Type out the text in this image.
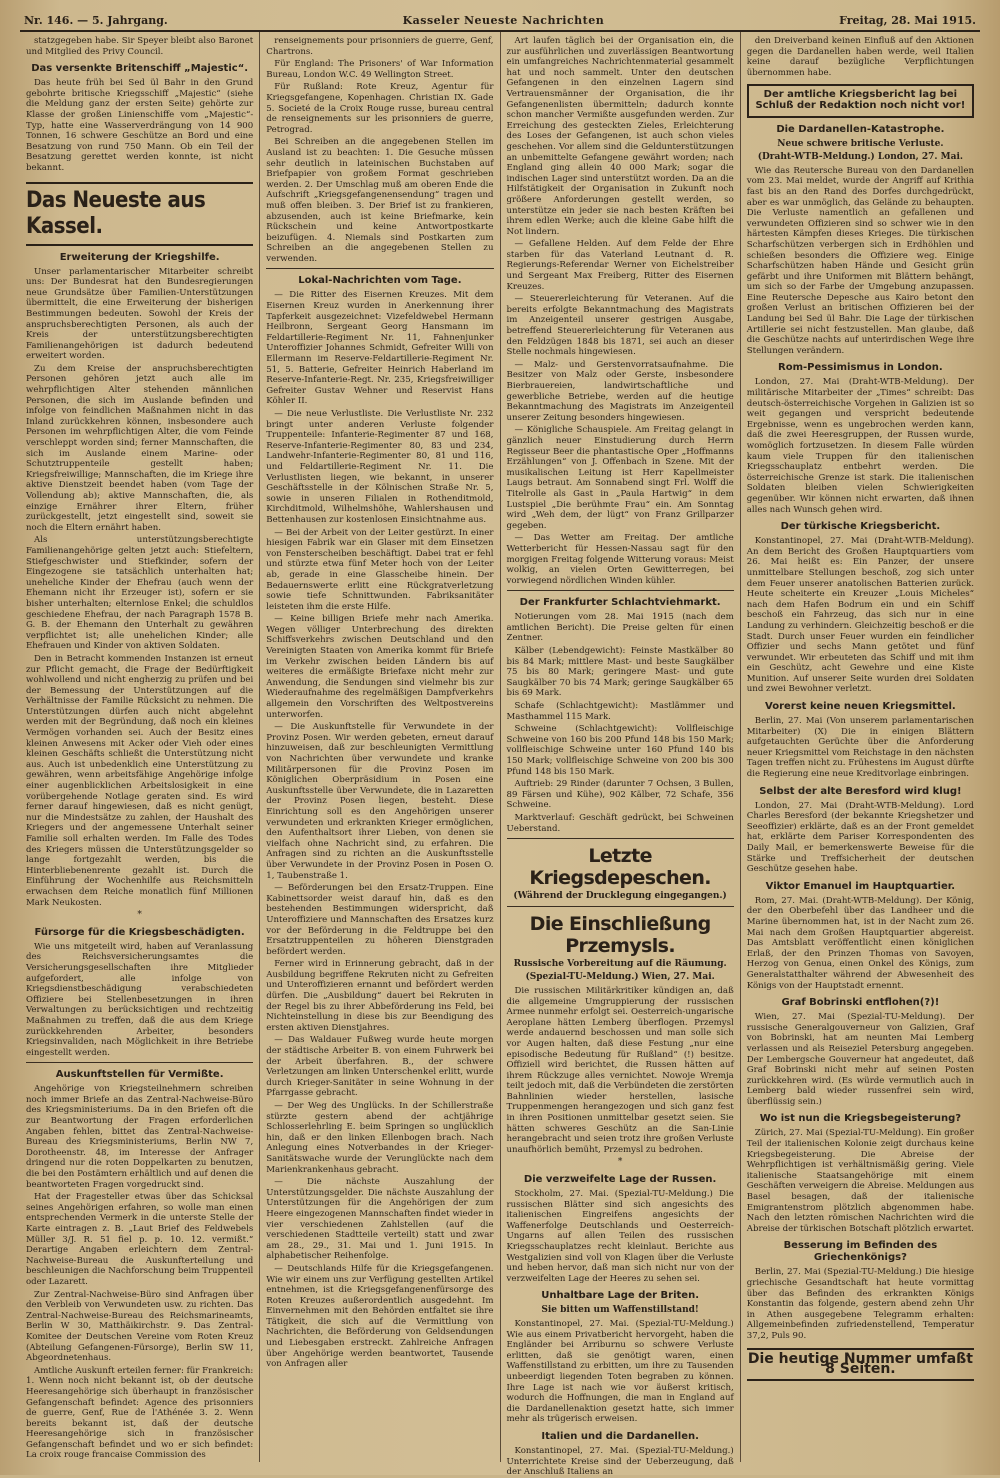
Nr. 146. — 5. Jahrgang.	Kasseler Neueste Nachrichten	Freitag, 28. Mai 1915.

statzgegeben habe. Sir Speyer bleibt also Baronet und Mitglied des Privy Council.

Das versenkte Britenschiff „Majestic“.

Das heute früh bei Sed ül Bahr in den Grund gebohrte britische Kriegsschiff „Majestic“ (siehe die Meldung ganz der ersten Seite) gehörte zur Klasse der großen Linienschiffe vom „Majestic“-Typ, hatte eine Wasserverdrängung von 14 900 Tonnen, 16 schwere Geschütze an Bord und eine Besatzung von rund 750 Mann. Ob ein Teil der Besatzung gerettet werden konnte, ist nicht bekannt.

Das Neueste aus Kassel.
Erweiterung der Kriegshilfe.

Unser parlamentarischer Mitarbeiter schreibt uns: Der Bundesrat hat den Bundesregierungen neue Grundsätze über Familien-Unterstützungen übermittelt, die eine Erweiterung der bisherigen Bestimmungen bedeuten. Sowohl der Kreis der anspruchsberechtigten Personen, als auch der Kreis der unterstützungsberechtigten Familienangehörigen ist dadurch bedeutend erweitert worden.

Zu dem Kreise der anspruchsberechtigten Personen gehören jetzt auch alle im wehrpflichtigen Alter stehenden männlichen Personen, die sich im Auslande befinden und infolge von feindlichen Maßnahmen nicht in das Inland zurückkehren können, insbesondere auch Personen im wehrpflichtigen Alter, die vom Feinde verschleppt worden sind; ferner Mannschaften, die sich im Auslande einem Marine- oder Schutztruppenteile gestellt haben; Kriegsfreiwillige; Mannschaften, die im Kriege ihre aktive Dienstzeit beendet haben (vom Tage der Vollendung ab); aktive Mannschaften, die, als einzige Ernährer ihrer Eltern, früher zurückgestellt, jetzt eingestellt sind, soweit sie noch die Eltern ernährt haben.

Als unterstützungsberechtigte Familienangehörige gelten jetzt auch: Stiefeltern, Stiefgeschwister und Stiefkinder, sofern der Eingezogene sie tatsächlich unterhalten hat; uneheliche Kinder der Ehefrau (auch wenn der Ehemann nicht ihr Erzeuger ist), sofern er sie bisher unterhalten; elternlose Enkel; die schuldlos geschiedene Ehefrau, der nach Paragraph 1578 B. G. B. der Ehemann den Unterhalt zu gewähren verpflichtet ist; alle unehelichen Kinder; alle Ehefrauen und Kinder von aktiven Soldaten.

Den in Betracht kommenden Instanzen ist erneut zur Pflicht gemacht, die Frage der Bedürftigkeit wohlwollend und nicht engherzig zu prüfen und bei der Bemessung der Unterstützungen auf die Verhältnisse der Familie Rücksicht zu nehmen. Die Unterstützungen dürfen auch nicht abgelehnt werden mit der Begründung, daß noch ein kleines Vermögen vorhanden sei. Auch der Besitz eines kleinen Anwesens mit Acker oder Vieh oder eines kleinen Geschäfts schließt die Unterstützung nicht aus. Auch ist unbedenklich eine Unterstützung zu gewähren, wenn arbeitsfähige Angehörige infolge einer augenblicklichen Arbeitslosigkeit in eine vorübergehende Notlage geraten sind. Es wird ferner darauf hingewiesen, daß es nicht genügt, nur die Mindestsätze zu zahlen, der Haushalt des Kriegers und der angemessene Unterhalt seiner Familie soll erhalten werden. Im Falle des Todes des Kriegers müssen die Unterstützungsgelder so lange fortgezahlt werden, bis die Hinterbliebenenrente gezahlt ist. Durch die Einführung der Wochenhilfe aus Reichsmitteln erwachsen dem Reiche monatlich fünf Millionen Mark Neukosten.

*
Fürsorge für die Kriegsbeschädigten.

Wie uns mitgeteilt wird, haben auf Veranlassung des Reichsversicherungsamtes die Versicherungsgesellschaften ihre Mitglieder aufgefordert, alle infolge von Kriegsdienstbeschädigung verabschiedeten Offiziere bei Stellenbesetzungen in ihren Verwaltungen zu berücksichtigen und rechtzeitig Maßnahmen zu treffen, daß die aus dem Kriege zurückkehrenden Arbeiter, besonders Kriegsinvaliden, nach Möglichkeit in ihre Betriebe eingestellt werden.

Auskunftstellen für Vermißte.

Angehörige von Kriegsteilnehmern schreiben noch immer Briefe an das Zentral-Nachweise-Büro des Kriegsministeriums. Da in den Briefen oft die zur Beantwortung der Fragen erforderlichen Angaben fehlen, bittet das Zentral-Nachweise-Bureau des Kriegsministeriums, Berlin NW 7, Dorotheenstr. 48, im Interesse der Anfrager dringend nur die roten Doppelkarten zu benutzen, die bei den Postämtern erhältlich und auf denen die beantworteten Fragen vorgedruckt sind.

Hat der Fragesteller etwas über das Schicksal seines Angehörigen erfahren, so wolle man einen entsprechenden Vermerk in die unterste Stelle der Karte eintragen z. B. „Laut Brief des Feldwebels Müller 3/J. R. 51 fiel p. p. 10. 12. vermißt.“ Derartige Angaben erleichtern dem Zentral-Nachweise-Bureau die Auskunfterteilung und beschleunigen die Nachforschung beim Truppenteil oder Lazarett.

Zur Zentral-Nachweise-Büro sind Anfragen über den Verbleib von Verwundeten usw. zu richten. Das Zentral-Nachweise-Bureau des Reichsmarineamts, Berlin W 30, Matthäikirchstr. 9. Das Zentral-Komitee der Deutschen Vereine vom Roten Kreuz (Abteilung Gefangenen-Fürsorge), Berlin SW 11, Abgeordnetenhaus.

Amtliche Auskunft erteilen ferner: für Frankreich: 1. Wenn noch nicht bekannt ist, ob der deutsche Heeresangehörige sich überhaupt in französischer Gefangenschaft befindet: Agence des prisonniers de guerre, Genf, Rue de l'Athénée 3. 2. Wenn bereits bekannt ist, daß der deutsche Heeresangehörige sich in französischer Gefangenschaft befindet und wo er sich befindet: La croix rouge francaise Commission des

renseignements pour prisonniers de guerre, Genf, Chartrons.

Für England: The Prisoners' of War Information Bureau, London W.C. 49 Wellington Street.

Für Rußland: Rote Kreuz, Agentur für Kriegsgefangene, Kopenhagen. Christian IX. Gade 5. Societé de la Croix Rouge russe, bureau central de renseignements sur les prisonniers de guerre, Petrograd.

Bei Schreiben an die angegebenen Stellen im Ausland ist zu beachten: 1. Die Gesuche müssen sehr deutlich in lateinischen Buchstaben auf Briefpapier von großem Format geschrieben werden. 2. Der Umschlag muß am oberen Ende die Aufschrift „Kriegsgefangenensendung“ tragen und muß offen bleiben. 3. Der Brief ist zu frankieren, abzusenden, auch ist keine Briefmarke, kein Rückschein und keine Antwortpostkarte beizufügen. 4. Niemals sind Postkarten zum Schreiben an die angegebenen Stellen zu verwenden.

Lokal-Nachrichten vom Tage.

— Die Ritter des Eisernen Kreuzes. Mit dem Eisernen Kreuz wurden in Anerkennung ihrer Tapferkeit ausgezeichnet: Vizefeldwebel Hermann Heilbronn, Sergeant Georg Hansmann im Feldartillerie-Regiment Nr. 11, Fahnenjunker Unteroffizier Johannes Schmidt, Gefreiter Willi von Ellermann im Reserve-Feldartillerie-Regiment Nr. 51, 5. Batterie, Gefreiter Heinrich Haberland im Reserve-Infanterie-Regt. Nr. 235, Kriegsfreiwilliger Gefreiter Gustav Wehner und Reservist Hans Köhler II.

— Die neue Verlustliste. Die Verlustliste Nr. 232 bringt unter anderen Verluste folgender Truppenteile: Infanterie-Regimenter 87 und 168, Reserve-Infanterie-Regimenter 80, 83 und 234, Landwehr-Infanterie-Regimenter 80, 81 und 116, und Feldartillerie-Regiment Nr. 11. Die Verlustlisten liegen, wie bekannt, in unserer Geschäftsstelle in der Kölnischen Straße Nr. 5, sowie in unseren Filialen in Rothenditmold, Kirchditmold, Wilhelmshöhe, Wahlershausen und Bettenhausen zur kostenlosen Einsichtnahme aus.

— Bei der Arbeit von der Leiter gestürzt. In einer hiesigen Fabrik war ein Glaser mit dem Einsetzen von Fensterscheiben beschäftigt. Dabei trat er fehl und stürzte etwa fünf Meter hoch von der Leiter ab, gerade in eine Glasscheibe hinein. Der Bedauernswerte erlitt eine Rückgratverletzung sowie tiefe Schnittwunden. Fabriksanitäter leisteten ihm die erste Hilfe.

— Keine billigen Briefe mehr nach Amerika. Wegen völliger Unterbrechung des direkten Schiffsverkehrs zwischen Deutschland und den Vereinigten Staaten von Amerika kommt für Briefe im Verkehr zwischen beiden Ländern bis auf weiteres die ermäßigte Briefaxe nicht mehr zur Anwendung, die Sendungen sind vielmehr bis zur Wiederaufnahme des regelmäßigen Dampfverkehrs allgemein den Vorschriften des Weltpostvereins unterworfen.

— Die Auskunftstelle für Verwundete in der Provinz Posen. Wir werden gebeten, erneut darauf hinzuweisen, daß zur beschleunigten Vermittlung von Nachrichten über verwundete und kranke Militärpersonen für die Provinz Posen im Königlichen Oberpräsidium in Posen eine Auskunftsstelle über Verwundete, die in Lazaretten der Provinz Posen liegen, besteht. Diese Einrichtung soll es den Angehörigen unserer verwundeten und erkrankten Krieger ermöglichen, den Aufenthaltsort ihrer Lieben, von denen sie vielfach ohne Nachricht sind, zu erfahren. Die Anfragen sind zu richten an die Auskunftsstelle über Verwundete in der Provinz Posen in Posen O. 1, Taubenstraße 1.

— Beförderungen bei den Ersatz-Truppen. Eine Kabinettsorder weist darauf hin, daß es den bestehenden Bestimmungen widerspricht, daß Unteroffiziere und Mannschaften des Ersatzes kurz vor der Beförderung in die Feldtruppe bei den Ersatztruppenteilen zu höheren Dienstgraden befördert werden.

Ferner wird in Erinnerung gebracht, daß in der Ausbildung begriffene Rekruten nicht zu Gefreiten und Unteroffizieren ernannt und befördert werden dürfen. Die „Ausbildung“ dauert bei Rekruten in der Regel bis zu ihrer Abbeförderung ins Feld, bei Nichteinstellung in diese bis zur Beendigung des ersten aktiven Dienstjahres.

— Das Waldauer Fußweg wurde heute morgen der städtische Arbeiter B. von einem Fuhrwerk bei der Arbeit überfahren. B., der schwere Verletzungen am linken Unterschenkel erlitt, wurde durch Krieger-Sanitäter in seine Wohnung in der Pfarrgasse gebracht.

— Der Weg des Unglücks. In der Schillerstraße stürzte gestern abend der achtjährige Schlosserlehrling E. beim Springen so unglücklich hin, daß er den linken Ellenbogen brach. Nach Anlegung eines Notverbandes in der Krieger-Sanitätswache wurde der Verunglückte nach dem Marienkrankenhaus gebracht.

— Die nächste Auszahlung der Unterstützungsgelder. Die nächste Auszahlung der Unterstützungen für die Angehörigen der zum Heere eingezogenen Mannschaften findet wieder in vier verschiedenen Zahlstellen (auf die verschiedenen Stadtteile verteilt) statt und zwar am 28., 29., 31. Mai und 1. Juni 1915. In alphabetischer Reihenfolge.

— Deutschlands Hilfe für die Kriegsgefangenen. Wie wir einem uns zur Verfügung gestellten Artikel entnehmen, ist die Kriegsgefangenenfürsorge des Roten Kreuzes außerordentlich ausgedehnt. Im Einvernehmen mit den Behörden entfaltet sie ihre Tätigkeit, die sich auf die Vermittlung von Nachrichten, die Beförderung von Geldsendungen und Liebesgaben erstreckt. Zahlreiche Anfragen über Angehörige werden beantwortet, Tausende von Anfragen aller

Art laufen täglich bei der Organisation ein, die zur ausführlichen und zuverlässigen Beantwortung ein umfangreiches Nachrichtenmaterial gesammelt hat und noch sammelt. Unter den deutschen Gefangenen in den einzelnen Lagern sind Vertrauensmänner der Organisation, die ihr Gefangenenlisten übermitteln; dadurch konnte schon mancher Vermißte ausgefunden werden. Zur Erreichung des gesteckten Zieles, Erleichterung des Loses der Gefangenen, ist auch schon vieles geschehen. Vor allem sind die Geldunterstützungen an unbemittelte Gefangene gewährt worden; nach England ging allein 40 000 Mark; sogar die indischen Lager sind unterstützt worden. Da an die Hilfstätigkeit der Organisation in Zukunft noch größere Anforderungen gestellt werden, so unterstütze ein jeder sie nach besten Kräften bei ihrem edlen Werke; auch die kleine Gabe hilft die Not lindern.

— Gefallene Helden. Auf dem Felde der Ehre starben für das Vaterland Leutnant d. R. Regierungs-Referendar Werner von Eichelstreiber und Sergeant Max Freiberg, Ritter des Eisernen Kreuzes.

— Steuererleichterung für Veteranen. Auf die bereits erfolgte Bekanntmachung des Magistrats im Anzeigenteil unserer gestrigen Ausgabe, betreffend Steuererleichterung für Veteranen aus den Feldzügen 1848 bis 1871, sei auch an dieser Stelle nochmals hingewiesen.

— Malz- und Gerstenvorratsaufnahme. Die Besitzer von Malz oder Gerste, insbesondere Bierbrauereien, landwirtschaftliche und gewerbliche Betriebe, werden auf die heutige Bekanntmachung des Magistrats im Anzeigenteil unserer Zeitung besonders hingewiesen.

— Königliche Schauspiele. Am Freitag gelangt in gänzlich neuer Einstudierung durch Herrn Regisseur Beer die phantastische Oper „Hoffmanns Erzählungen“ von J. Offenbach in Szene. Mit der musikalischen Leitung ist Herr Kapellmeister Laugs betraut. Am Sonnabend singt Frl. Wolff die Titelrolle als Gast in „Paula Hartwig“ in dem Lustspiel „Die berühmte Frau“ ein. Am Sonntag wird „Weh dem, der lügt“ von Franz Grillparzer gegeben.

— Das Wetter am Freitag. Der amtliche Wetterbericht für Hessen-Nassau sagt für den morgigen Freitag folgende Witterung voraus: Meist wolkig, an vielen Orten Gewitterregen, bei vorwiegend nördlichen Winden kühler.

Der Frankfurter Schlachtviehmarkt.

Notierungen vom 28. Mai 1915 (nach dem amtlichen Bericht). Die Preise gelten für einen Zentner.

Kälber (Lebendgewicht): Feinste Mastkälber 80 bis 84 Mark; mittlere Mast- und beste Saugkälber 75 bis 80 Mark; geringere Mast- und gute Saugkälber 70 bis 74 Mark; geringe Saugkälber 65 bis 69 Mark.

Schafe (Schlachtgewicht): Mastlämmer und Masthammel 115 Mark.

Schweine (Schlachtgewicht): Vollfleischige Schweine von 160 bis 200 Pfund 148 bis 150 Mark; vollfleischige Schweine unter 160 Pfund 140 bis 150 Mark; vollfleischige Schweine von 200 bis 300 Pfund 148 bis 150 Mark.

Auftrieb: 29 Rinder (darunter 7 Ochsen, 3 Bullen, 89 Färsen und Kühe), 902 Kälber, 72 Schafe, 356 Schweine.

Marktverlauf: Geschäft gedrückt, bei Schweinen Ueberstand.

Letzte Kriegsdepeschen.
(Während der Drucklegung eingegangen.)
Die Einschließung Przemysls.
Russische Vorbereitung auf die Räumung.
(Spezial-TU-Meldung.) Wien, 27. Mai.

Die russischen Militärkritiker kündigen an, daß die allgemeine Umgruppierung der russischen Armee nunmehr erfolgt sei. Oesterreich-ungarische Aeroplane hätten Lemberg überflogen. Przemysl werde andauernd beschossen und man solle sich vor Augen halten, daß diese Festung „nur eine episodische Bedeutung für Rußland“ (!) besitze. Offiziell wird berichtet, die Russen hätten auf ihrem Rückzuge alles vernichtet. Nowoje Wremja teilt jedoch mit, daß die Verbündeten die zerstörten Bahnlinien wieder herstellen, lasische Truppenmengen herangezogen und sich ganz fest in ihren Positionen unmittelbar gesetzt seien. Sie hätten schweres Geschütz an die San-Linie herangebracht und seien trotz ihre großen Verluste unaufhörlich bemüht, Przemysl zu bedrohen.

*
Die verzweifelte Lage der Russen.

Stockholm, 27. Mai. (Spezial-TU-Meldung.) Die russischen Blätter sind sich angesichts des italienischen Eingreifens angesichts der Waffenerfolge Deutschlands und Oesterreich-Ungarns auf allen Teilen des russischen Kriegsschauplatzes recht kleinlaut. Berichte aus Westgalizien sind voll von Klagen über die Verluste und heben hervor, daß man sich nicht nur von der verzweifelten Lage der Heeres zu sehen sei.

Unhaltbare Lage der Briten.
Sie bitten um Waffenstillstand!

Konstantinopel, 27. Mai. (Spezial-TU-Meldung.) Wie aus einem Privatbericht hervorgeht, haben die Engländer bei Arriburnu so schwere Verluste erlitten, daß sie genötigt waren, einen Waffenstillstand zu erbitten, um ihre zu Tausenden unbeerdigt liegenden Toten begraben zu können. Ihre Lage ist nach wie vor äußerst kritisch, wodurch die Hoffnungen, die man in England auf die Dardanellenaktion gesetzt hatte, sich immer mehr als trügerisch erweisen.

Italien und die Dardanellen.

Konstantinopel, 27. Mai. (Spezial-TU-Meldung.) Unterrichtete Kreise sind der Ueberzeugung, daß der Anschluß Italiens an

den Dreiverband keinen Einfluß auf den Aktionen gegen die Dardanellen haben werde, weil Italien keine darauf bezügliche Verpflichtungen übernommen habe.

Der amtliche Kriegsbericht lag bei Schluß der Redaktion noch nicht vor!
Die Dardanellen-Katastrophe.
Neue schwere britische Verluste.
(Draht-WTB-Meldung.) London, 27. Mai.

Wie das Reutersche Bureau von den Dardanellen vom 23. Mai meldet, wurde der Angriff auf Krithia fast bis an den Rand des Dorfes durchgedrückt, aber es war unmöglich, das Gelände zu behaupten. Die Verluste namentlich an gefallenen und verwundeten Offizieren sind so schwer wie in den härtesten Kämpfen dieses Krieges. Die türkischen Scharfschützen verbergen sich in Erdhöhlen und schießen besonders die Offiziere weg. Einige Scharfschützen haben Hände und Gesicht grün gefärbt und ihre Uniformen mit Blättern behängt, um sich so der Farbe der Umgebung anzupassen. Eine Reutersche Depesche aus Kairo betont den großen Verlust an britischen Offizieren bei der Landung bei Sed ül Bahr. Die Lage der türkischen Artillerie sei nicht festzustellen. Man glaube, daß die Geschütze nachts auf unterirdischen Wege ihre Stellungen verändern.

Rom-Pessimismus in London.

London, 27. Mai (Draht-WTB-Meldung). Der militärische Mitarbeiter der „Times“ schreibt: Das deutsch-österreichische Vorgehen in Galizien ist so weit gegangen und verspricht bedeutende Ergebnisse, wenn es ungebrochen werden kann, daß die zwei Heeresgruppen, der Russen wurde, womöglich fortzusetzen. In diesem Falle würden kaum viele Truppen für den italienischen Kriegsschauplatz entbehrt werden. Die österreichische Grenze ist stark. Die italienischen Soldaten bleiben vielen Schwierigkeiten gegenüber. Wir können nicht erwarten, daß ihnen alles nach Wunsch gehen wird.

Der türkische Kriegsbericht.

Konstantinopel, 27. Mai (Draht-WTB-Meldung). An dem Bericht des Großen Hauptquartiers vom 26. Mai heißt es: Ein Panzer, der unsere unmittelbare Stellungen beschoß, zog sich unter dem Feuer unserer anatolischen Batterien zurück. Heute scheiterte ein Kreuzer „Louis Micheles“ nach dem Hafen Bodrum ein und ein Schiff beschoß ein Fahrzeug, das sich nur in eine Landung zu verhindern. Gleichzeitig beschoß er die Stadt. Durch unser Feuer wurden ein feindlicher Offizier und sechs Mann getötet und fünf verwundet. Wir erbeuteten das Schiff und mit ihm ein Geschütz, acht Gewehre und eine Kiste Munition. Auf unserer Seite wurden drei Soldaten und zwei Bewohner verletzt.

Vorerst keine neuen Kriegsmittel.

Berlin, 27. Mai (Von unserem parlamentarischen Mitarbeiter) (X) Die in einigen Blättern aufgetauchten Gerüchte über die Anforderung neuer Kriegsmittel vom Reichstage in den nächsten Tagen treffen nicht zu. Frühestens im August dürfte die Regierung eine neue Kreditvorlage einbringen.

Selbst der alte Beresford wird klug!

London, 27. Mai (Draht-WTB-Meldung). Lord Charles Beresford (der bekannte Kriegshetzer und Seeoffizier) erklärte, daß es an der Front gemeldet hat, erklärte dem Pariser Korrespondenten des Daily Mail, er bemerkenswerte Beweise für die Stärke und Treffsicherheit der deutschen Geschütze gesehen habe.

Viktor Emanuel im Hauptquartier.

Rom, 27. Mai. (Draht-WTB-Meldung). Der König, der den Oberbefehl über das Landheer und die Marine übernommen hat, ist in der Nacht zum 26. Mai nach dem Großen Hauptquartier abgereist. Das Amtsblatt veröffentlicht einen königlichen Erlaß, der den Prinzen Thomas von Savoyen, Herzog von Genua, einen Onkel des Königs, zum Generalstatthalter während der Abwesenheit des Königs von der Hauptstadt ernennt.

Graf Bobrinski entflohen(?)!

Wien, 27. Mai (Spezial-TU-Meldung). Der russische Generalgouverneur von Galizien, Graf von Bobrinski, hat am neunten Mai Lemberg verlassen und als Reiseziel Petersburg angegeben. Der Lembergsche Gouverneur hat angedeutet, daß Graf Bobrinski nicht mehr auf seinen Posten zurückkehren wird. (Es würde vermutlich auch in Lemberg bald wieder russenfrei sein wird, überflüssig sein.)

Wo ist nun die Kriegsbegeisterung?

Zürich, 27. Mai (Spezial-TU-Meldung). Ein großer Teil der italienischen Kolonie zeigt durchaus keine Kriegsbegeisterung. Die Abreise der Wehrpflichtigen ist verhältnismäßig gering. Viele italienische Staatsangehörige mit einem Geschäften verweigern die Abreise. Meldungen aus Basel besagen, daß der italienische Emigrantenstrom plötzlich abgenommen habe. Nach den letzten römischen Nachrichten wird die Abreise der türkischen Botschaft plötzlich erwartet.

Besserung im Befinden des Griechenkönigs?

Berlin, 27. Mai (Spezial-TU-Meldung.) Die hiesige griechische Gesandtschaft hat heute vormittag über das Befinden des erkrankten Königs Konstantin das folgende, gestern abend zehn Uhr in Athen ausgegebene Telegramm erhalten: Allgemeinbefinden zufriedenstellend, Temperatur 37,2, Puls 90.

Die heutige Nummer umfaßt 8 Seiten.
